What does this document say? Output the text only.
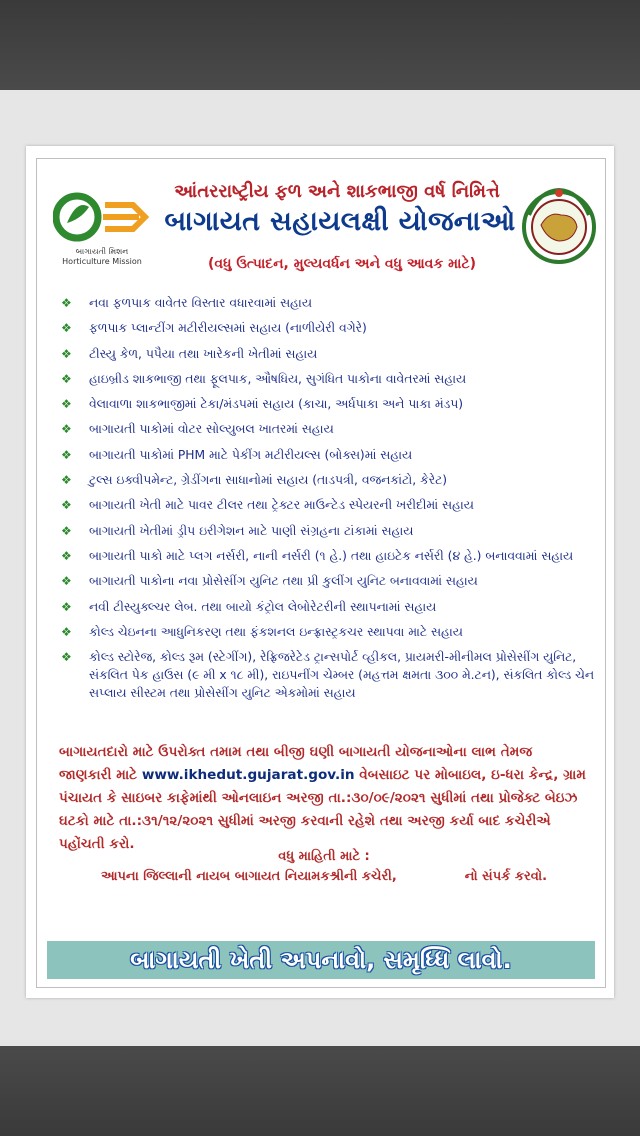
બાગાયતી મિશન
Horticulture Mission
આંતરરાષ્ટ્રીય ફળ અને શાકભાજી વર્ષ નિમિત્તે
બાગાયત સહાયલક્ષી યોજનાઓ
(વધુ ઉત્પાદન, મુલ્યવર્ધન અને વધુ આવક માટે)
❖ નવા ફળપાક વાવેતર વિસ્તાર વધારવામાં સહાય
❖ ફળપાક પ્લાન્ટીંગ મટીરીયલ્સમાં સહાય (નાળીયેરી વગેરે)
❖ ટીસ્યુ કેળ, પપૈયા તથા ખારેકની ખેતીમાં સહાય
❖ હાઇબ્રીડ શાકભાજી તથા ફૂલપાક, ઔષધિય, સુગંધિત પાકોના વાવેતરમાં સહાય
❖ વેલાવાળા શાકભાજીમાં ટેકા/મંડપમાં સહાય (કાચા, અર્ધપાકા અને પાકા મંડપ)
❖ બાગાયતી પાકોમાં વોટર સોલ્યુબલ ખાતરમાં સહાય
❖ બાગાયતી પાકોમાં PHM માટે પેકીંગ મટીરીયલ્સ (બોક્સ)માં સહાય
❖ ટુલ્સ ઇક્વીપમેન્ટ, ગ્રેડીંગના સાધાનોમાં સહાય (તાડપત્રી, વજનકાંટો, કેરેટ)
❖ બાગાયતી ખેતી માટે પાવર ટીલર તથા ટ્રેક્ટર માઉન્ટેડ સ્પેયરની ખરીદીમાં સહાય
❖ બાગાયતી ખેતીમાં ડ્રીપ ઇરીગેશન માટે પાણી સંગ્રહના ટાંકામાં સહાય
❖ બાગાયતી પાકો માટે પ્લગ નર્સરી, નાની નર્સરી (૧ હે.) તથા હાઇટેક નર્સરી (૪ હે.) બનાવવામાં સહાય
❖ બાગાયતી પાકોના નવા પ્રોસેસીંગ યુનિટ તથા પ્રી કુલીંગ યુનિટ બનાવવામાં સહાય
❖ નવી ટીસ્યુક્લ્ચર લેબ. તથા બાયો કંટ્રોલ લેબોરેટરીની સ્થાપનામાં સહાય
❖ કોલ્ડ ચેઇનના આધુનિકરણ તથા ફંકશનલ ઇન્ફ્રાસ્ટ્રકચર સ્થાપવા માટે સહાય
❖ કોલ્ડ સ્ટોરેજ, કોલ્ડ રૂમ (સ્ટેગીંગ), રેફ્રિજરેટેડ ટ્રાન્સપોર્ટ વ્હીકલ, પ્રાયમરી-મીનીમલ પ્રોસેસીંગ યુનિટ, સંકલિત પેક હાઉસ (૯ મી x ૧૮ મી), રાઇપનીંગ ચેમ્બર (મહત્તમ ક્ષમતા ૩૦૦ મે.ટન), સંકલિત કોલ્ડ ચેન સપ્લાય સીસ્ટમ તથા પ્રોસેસીંગ યુનિટ એકમોમાં સહાય
બાગાયતદારો માટે ઉપરોક્ત તમામ તથા બીજી ઘણી બાગાયતી યોજનાઓના લાભ તેમજ જાણકારી માટે www.ikhedut.gujarat.gov.in વેબસાઇટ પર મોબાઇલ, ઇ-ધરા કેન્દ્ર, ગ્રામ પંચાયત કે સાઇબર કાફેમાંથી ઓનલાઇન અરજી તા.:૩૦/૦૯/૨૦૨૧ સુધીમાં તથા પ્રોજેક્ટ બેઇઝ ઘટકો માટે તા.:૩૧/૧૨/૨૦૨૧ સુધીમાં અરજી કરવાની રહેશે તથા અરજી કર્યા બાદ કચેરીએ પહોંચતી કરો.
વધુ માહિતી માટે :
આપના જિલ્લાની નાયબ બાગાયત નિયામકશ્રીની કચેરી,               નો સંપર્ક કરવો.
બાગાયતી ખેતી અપનાવો, સમૃધ્ધિ લાવો.
